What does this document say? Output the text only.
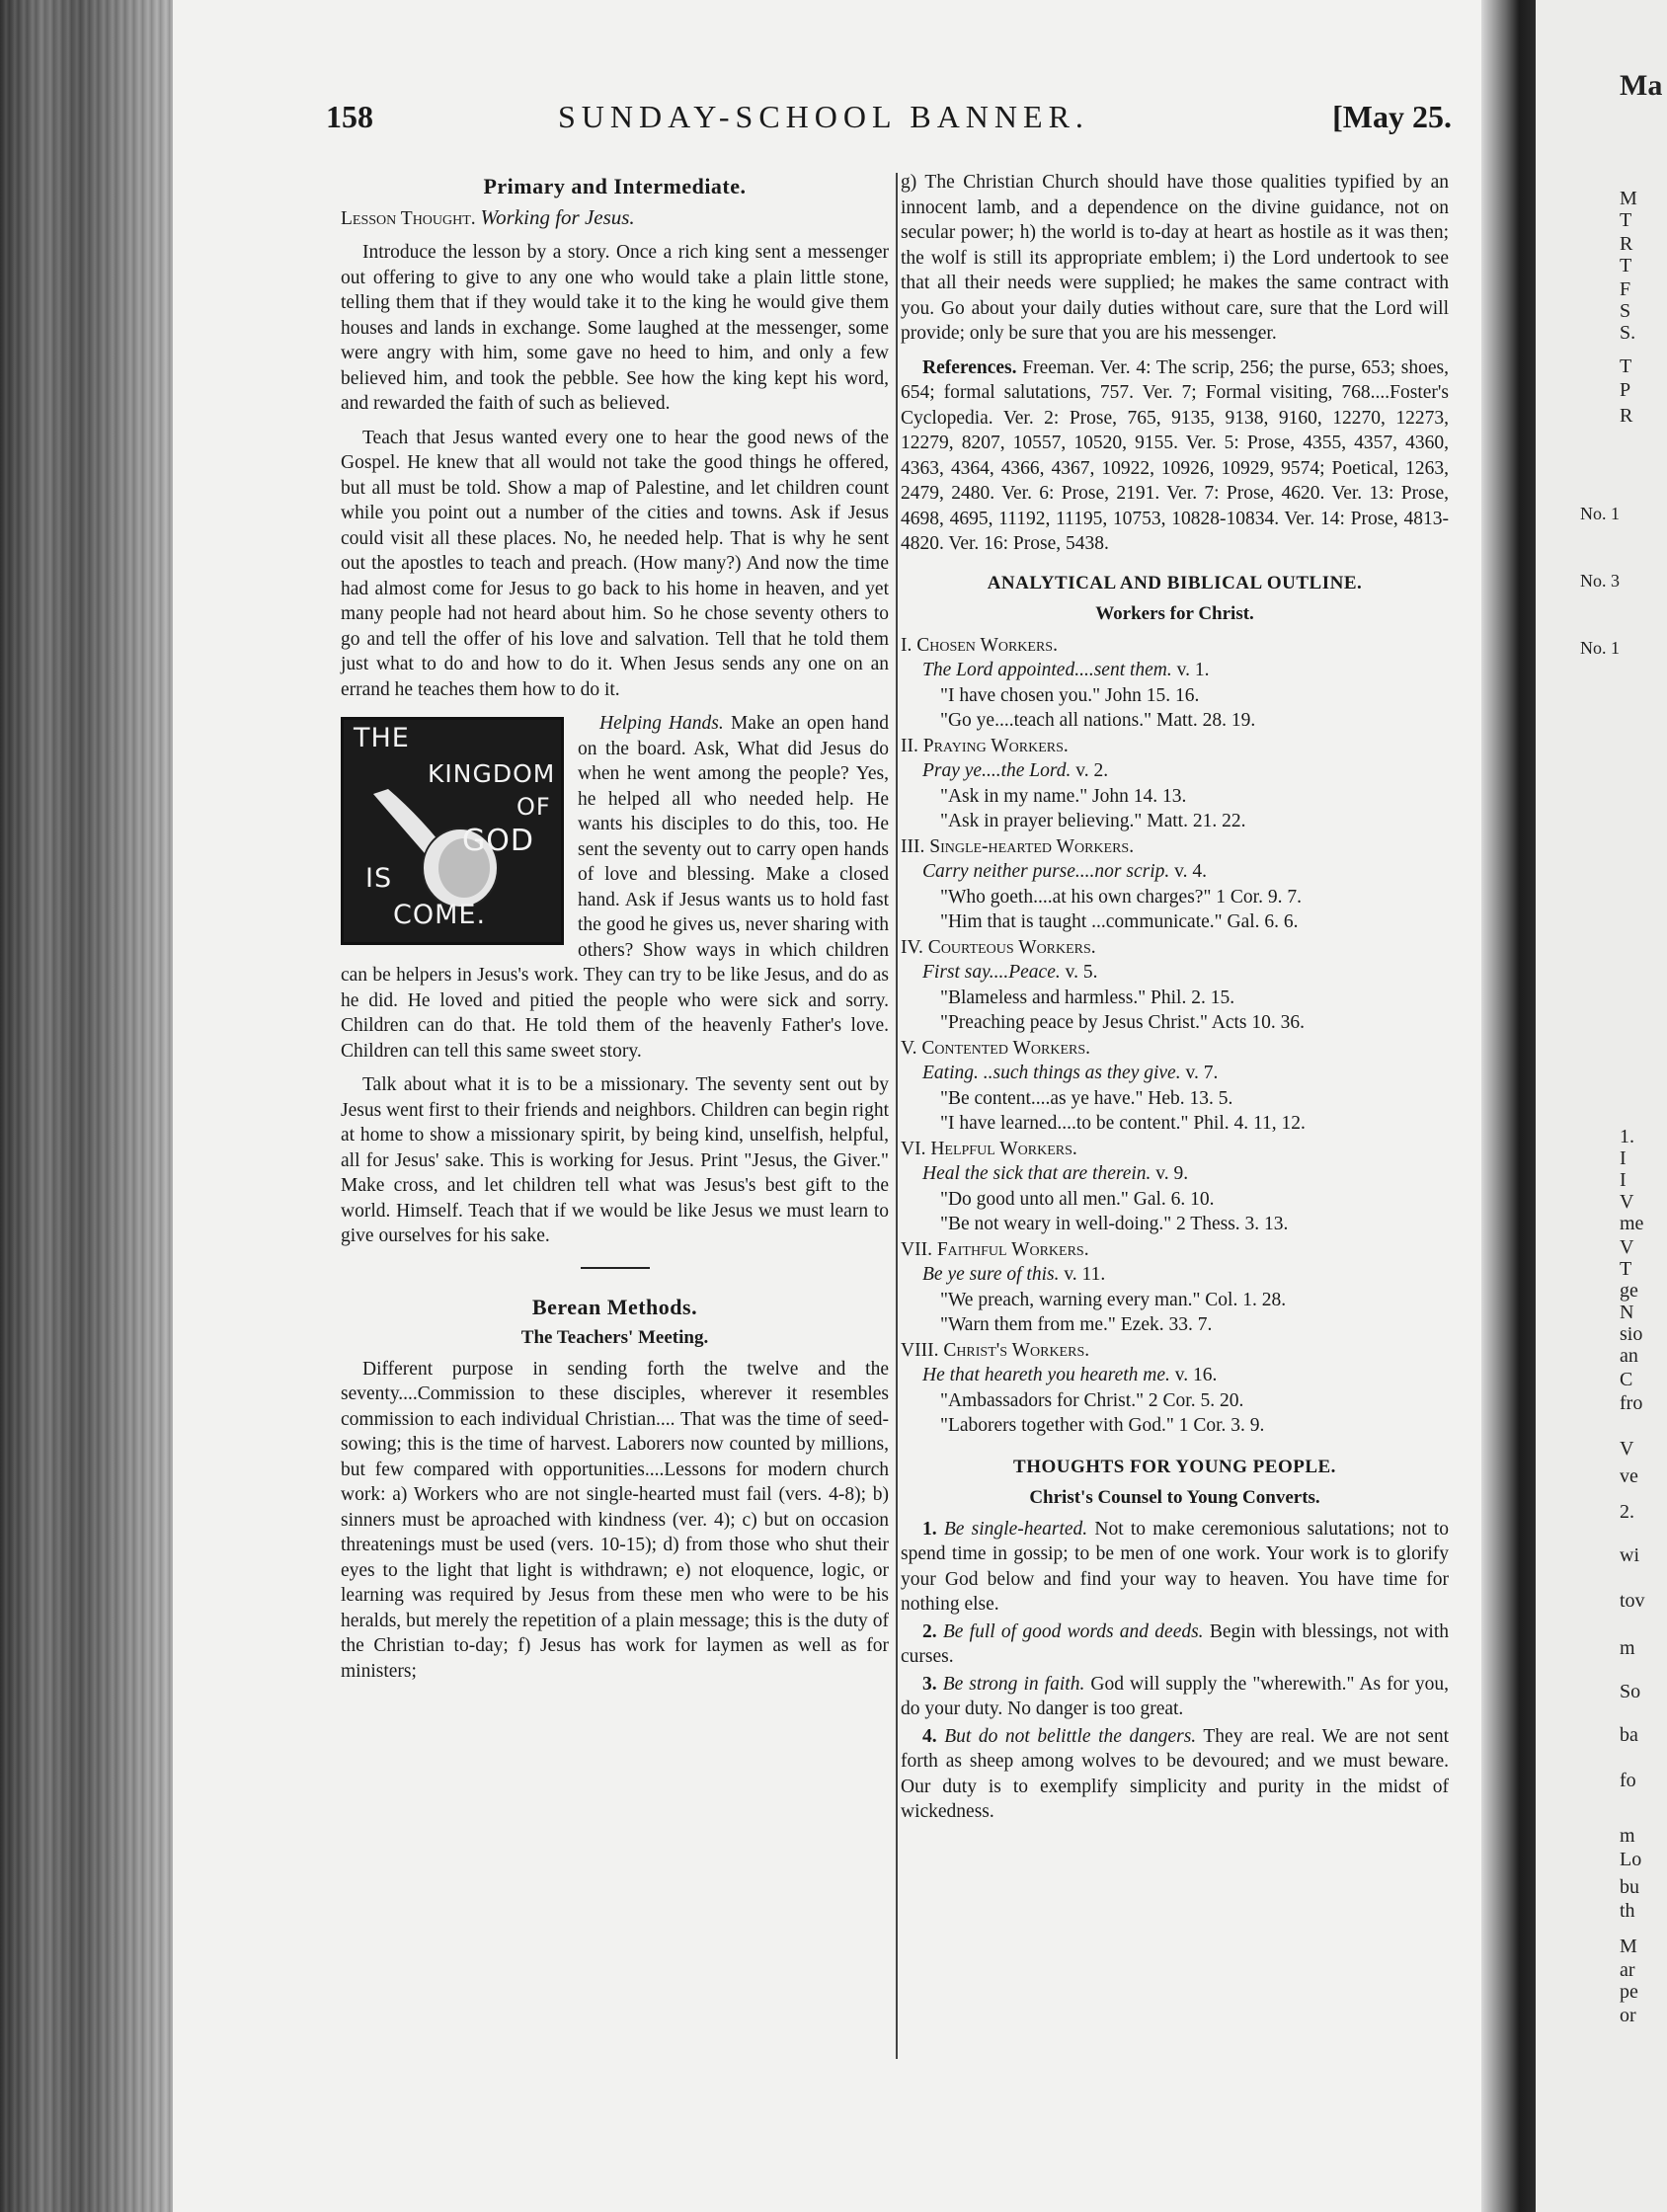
Ma
M
T
R
T
F
S
S.
T
P
R
No. 1
No. 3
No. 1
1.
I
I
V
me
V
T
ge
N
sio
an
C
fro
V
ve
2.
wi
tov
m
So
ba
fo
m
Lo
bu
th
M
ar
pe
or
158	SUNDAY-SCHOOL BANNER.	[May 25.
Primary and Intermediate.

Lesson Thought. Working for Jesus.

Introduce the lesson by a story. Once a rich king sent a messenger out offering to give to any one who would take a plain little stone, telling them that if they would take it to the king he would give them houses and lands in exchange. Some laughed at the messenger, some were angry with him, some gave no heed to him, and only a few believed him, and took the pebble. See how the king kept his word, and rewarded the faith of such as believed.

Teach that Jesus wanted every one to hear the good news of the Gospel. He knew that all would not take the good things he offered, but all must be told. Show a map of Palestine, and let children count while you point out a number of the cities and towns. Ask if Jesus could visit all these places. No, he needed help. That is why he sent out the apostles to teach and preach. (How many?) And now the time had almost come for Jesus to go back to his home in heaven, and yet many people had not heard about him. So he chose seventy others to go and tell the offer of his love and salvation. Tell that he told them just what to do and how to do it. When Jesus sends any one on an errand he teaches them how to do it.

THE
KINGDOM
OF
GOD
IS
COME.

Helping Hands. Make an open hand on the board. Ask, What did Jesus do when he went among the people? Yes, he helped all who needed help. He wants his disciples to do this, too. He sent the seventy out to carry open hands of love and blessing. Make a closed hand. Ask if Jesus wants us to hold fast the good he gives us, never sharing with others? Show ways in which children can be helpers in Jesus's work. They can try to be like Jesus, and do as he did. He loved and pitied the people who were sick and sorry. Children can do that. He told them of the heavenly Father's love. Children can tell this same sweet story.

Talk about what it is to be a missionary. The seventy sent out by Jesus went first to their friends and neighbors. Children can begin right at home to show a missionary spirit, by being kind, unselfish, helpful, all for Jesus' sake. This is working for Jesus. Print "Jesus, the Giver." Make cross, and let children tell what was Jesus's best gift to the world. Himself. Teach that if we would be like Jesus we must learn to give ourselves for his sake.

Berean Methods.
The Teachers' Meeting.

Different purpose in sending forth the twelve and the seventy....Commission to these disciples, wherever it resembles commission to each individual Christian.... That was the time of seed-sowing; this is the time of harvest. Laborers now counted by millions, but few compared with opportunities....Lessons for modern church work: a) Workers who are not single-hearted must fail (vers. 4-8); b) sinners must be aproached with kindness (ver. 4); c) but on occasion threatenings must be used (vers. 10-15); d) from those who shut their eyes to the light that light is withdrawn; e) not eloquence, logic, or learning was required by Jesus from these men who were to be his heralds, but merely the repetition of a plain message; this is the duty of the Christian to-day; f) Jesus has work for laymen as well as for ministers;

g) The Christian Church should have those qualities typified by an innocent lamb, and a dependence on the divine guidance, not on secular power; h) the world is to-day at heart as hostile as it was then; the wolf is still its appropriate emblem; i) the Lord undertook to see that all their needs were supplied; he makes the same contract with you. Go about your daily duties without care, sure that the Lord will provide; only be sure that you are his messenger.

References. Freeman. Ver. 4: The scrip, 256; the purse, 653; shoes, 654; formal salutations, 757. Ver. 7; Formal visiting, 768....Foster's Cyclopedia. Ver. 2: Prose, 765, 9135, 9138, 9160, 12270, 12273, 12279, 8207, 10557, 10520, 9155. Ver. 5: Prose, 4355, 4357, 4360, 4363, 4364, 4366, 4367, 10922, 10926, 10929, 9574; Poetical, 1263, 2479, 2480. Ver. 6: Prose, 2191. Ver. 7: Prose, 4620. Ver. 13: Prose, 4698, 4695, 11192, 11195, 10753, 10828-10834. Ver. 14: Prose, 4813-4820. Ver. 16: Prose, 5438.

ANALYTICAL AND BIBLICAL OUTLINE.
Workers for Christ.
I. Chosen Workers.
The Lord appointed....sent them. v. 1.
"I have chosen you." John 15. 16.
"Go ye....teach all nations." Matt. 28. 19.
II. Praying Workers.
Pray ye....the Lord. v. 2.
"Ask in my name." John 14. 13.
"Ask in prayer believing." Matt. 21. 22.
III. Single-hearted Workers.
Carry neither purse....nor scrip. v. 4.
"Who goeth....at his own charges?" 1 Cor. 9. 7.
"Him that is taught ...communicate." Gal. 6. 6.
IV. Courteous Workers.
First say....Peace. v. 5.
"Blameless and harmless." Phil. 2. 15.
"Preaching peace by Jesus Christ." Acts 10. 36.
V. Contented Workers.
Eating. ..such things as they give. v. 7.
"Be content....as ye have." Heb. 13. 5.
"I have learned....to be content." Phil. 4. 11, 12.
VI. Helpful Workers.
Heal the sick that are therein. v. 9.
"Do good unto all men." Gal. 6. 10.
"Be not weary in well-doing." 2 Thess. 3. 13.
VII. Faithful Workers.
Be ye sure of this. v. 11.
"We preach, warning every man." Col. 1. 28.
"Warn them from me." Ezek. 33. 7.
VIII. Christ's Workers.
He that heareth you heareth me. v. 16.
"Ambassadors for Christ." 2 Cor. 5. 20.
"Laborers together with God." 1 Cor. 3. 9.
THOUGHTS FOR YOUNG PEOPLE.
Christ's Counsel to Young Converts.

1. Be single-hearted. Not to make ceremonious salutations; not to spend time in gossip; to be men of one work. Your work is to glorify your God below and find your way to heaven. You have time for nothing else.

2. Be full of good words and deeds. Begin with blessings, not with curses.

3. Be strong in faith. God will supply the "wherewith." As for you, do your duty. No danger is too great.

4. But do not belittle the dangers. They are real. We are not sent forth as sheep among wolves to be devoured; and we must beware. Our duty is to exemplify simplicity and purity in the midst of wickedness.
